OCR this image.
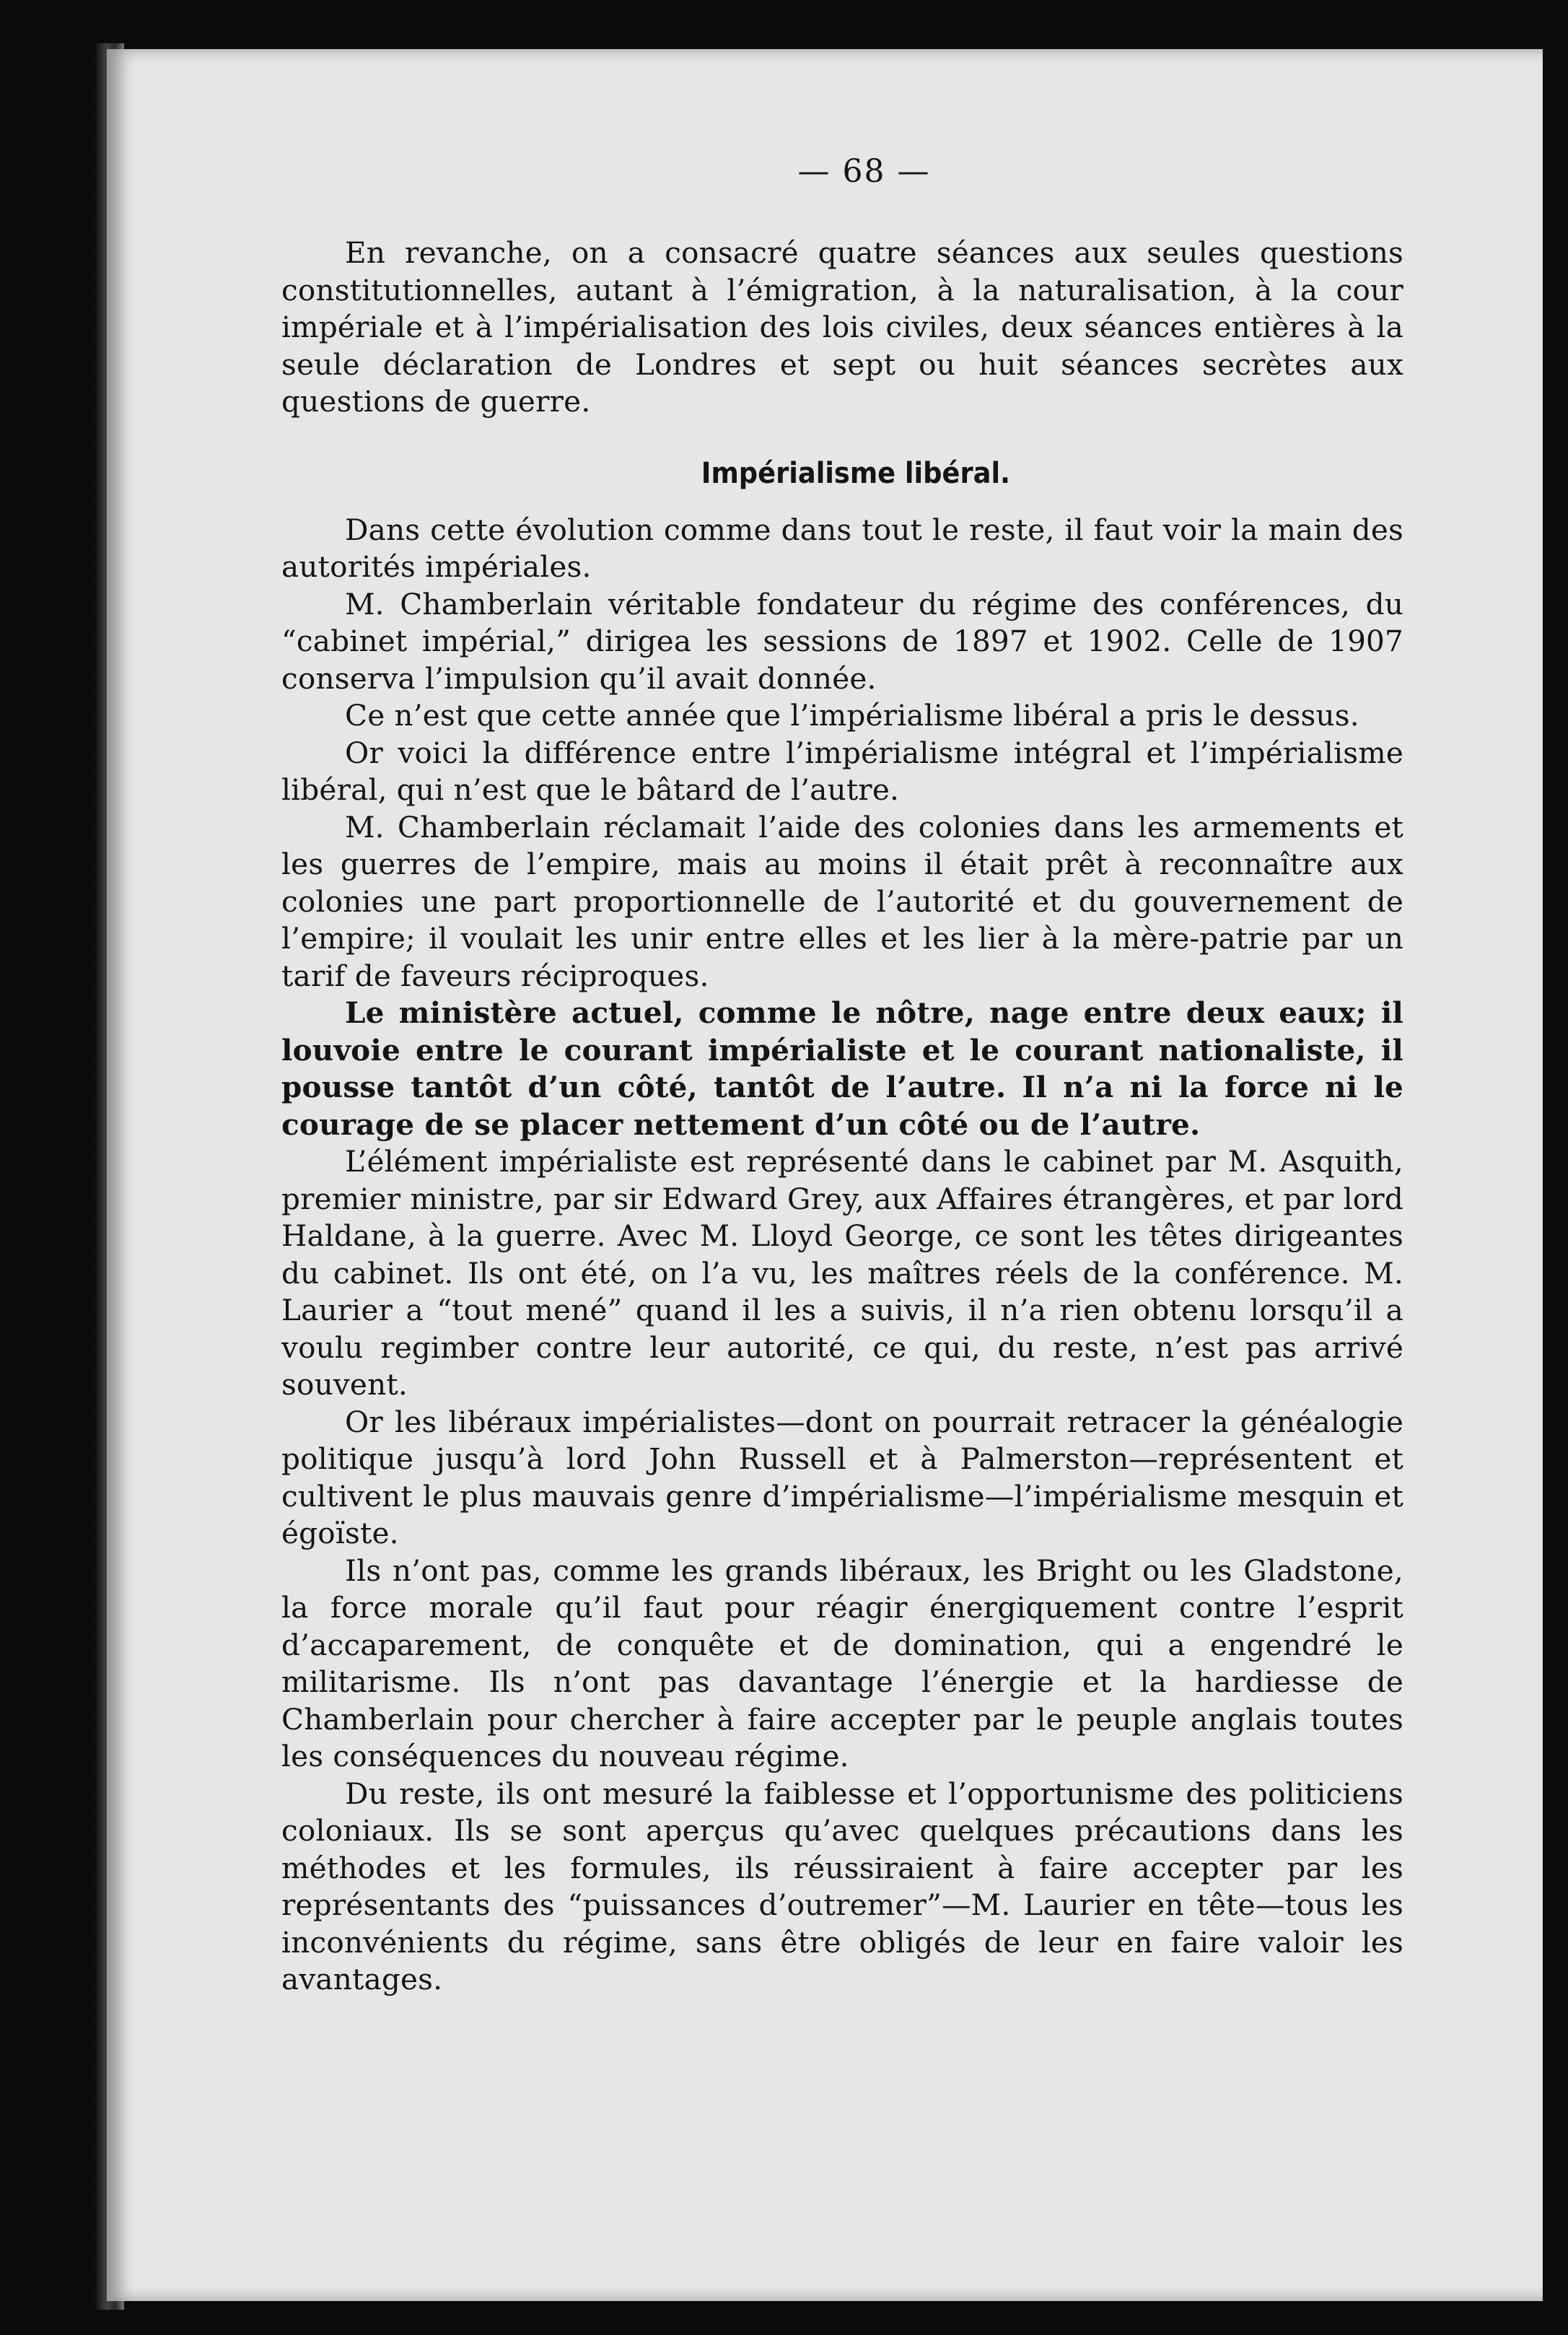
— 68 —

En revanche, on a consacré quatre séances aux seules questions constitutionnelles, autant à l’émigration, à la naturalisation, à la cour impériale et à l’impérialisation des lois civiles, deux séances entières à la seule déclaration de Londres et sept ou huit séances secrètes aux questions de guerre.

Impérialisme libéral.

Dans cette évolution comme dans tout le reste, il faut voir la main des autorités impériales.

M. Chamberlain véritable fondateur du régime des conférences, du “cabinet impérial,” dirigea les sessions de 1897 et 1902. Celle de 1907 conserva l’impulsion qu’il avait donnée.

Ce n’est que cette année que l’impérialisme libéral a pris le dessus.

Or voici la différence entre l’impérialisme intégral et l’impérialisme libéral, qui n’est que le bâtard de l’autre.

M. Chamberlain réclamait l’aide des colonies dans les armements et les guerres de l’empire, mais au moins il était prêt à reconnaître aux colonies une part proportionnelle de l’autorité et du gouvernement de l’empire; il voulait les unir entre elles et les lier à la mère-patrie par un tarif de faveurs réciproques.

Le ministère actuel, comme le nôtre, nage entre deux eaux; il louvoie entre le courant impérialiste et le courant nationaliste, il pousse tantôt d’un côté, tantôt de l’autre. Il n’a ni la force ni le courage de se placer nettement d’un côté ou de l’autre.

L’élément impérialiste est représenté dans le cabinet par M. Asquith, premier ministre, par sir Edward Grey, aux Affaires étrangères, et par lord Haldane, à la guerre. Avec M. Lloyd George, ce sont les têtes dirigeantes du cabinet. Ils ont été, on l’a vu, les maîtres réels de la conférence. M. Laurier a “tout mené” quand il les a suivis, il n’a rien obtenu lorsqu’il a voulu regimber contre leur autorité, ce qui, du reste, n’est pas arrivé souvent.

Or les libéraux impérialistes—dont on pourrait retracer la généalogie politique jusqu’à lord John Russell et à Palmerston—représentent et cultivent le plus mauvais genre d’impérialisme—l’impérialisme mesquin et égoïste.

Ils n’ont pas, comme les grands libéraux, les Bright ou les Gladstone, la force morale qu’il faut pour réagir énergiquement contre l’esprit d’accaparement, de conquête et de domination, qui a engendré le militarisme. Ils n’ont pas davantage l’énergie et la hardiesse de Chamberlain pour chercher à faire accepter par le peuple anglais toutes les conséquences du nouveau régime.

Du reste, ils ont mesuré la faiblesse et l’opportunisme des politiciens coloniaux. Ils se sont aperçus qu’avec quelques précautions dans les méthodes et les formules, ils réussiraient à faire accepter par les représentants des “puissances d’outremer”—M. Laurier en tête—tous les inconvénients du régime, sans être obligés de leur en faire valoir les avantages.
